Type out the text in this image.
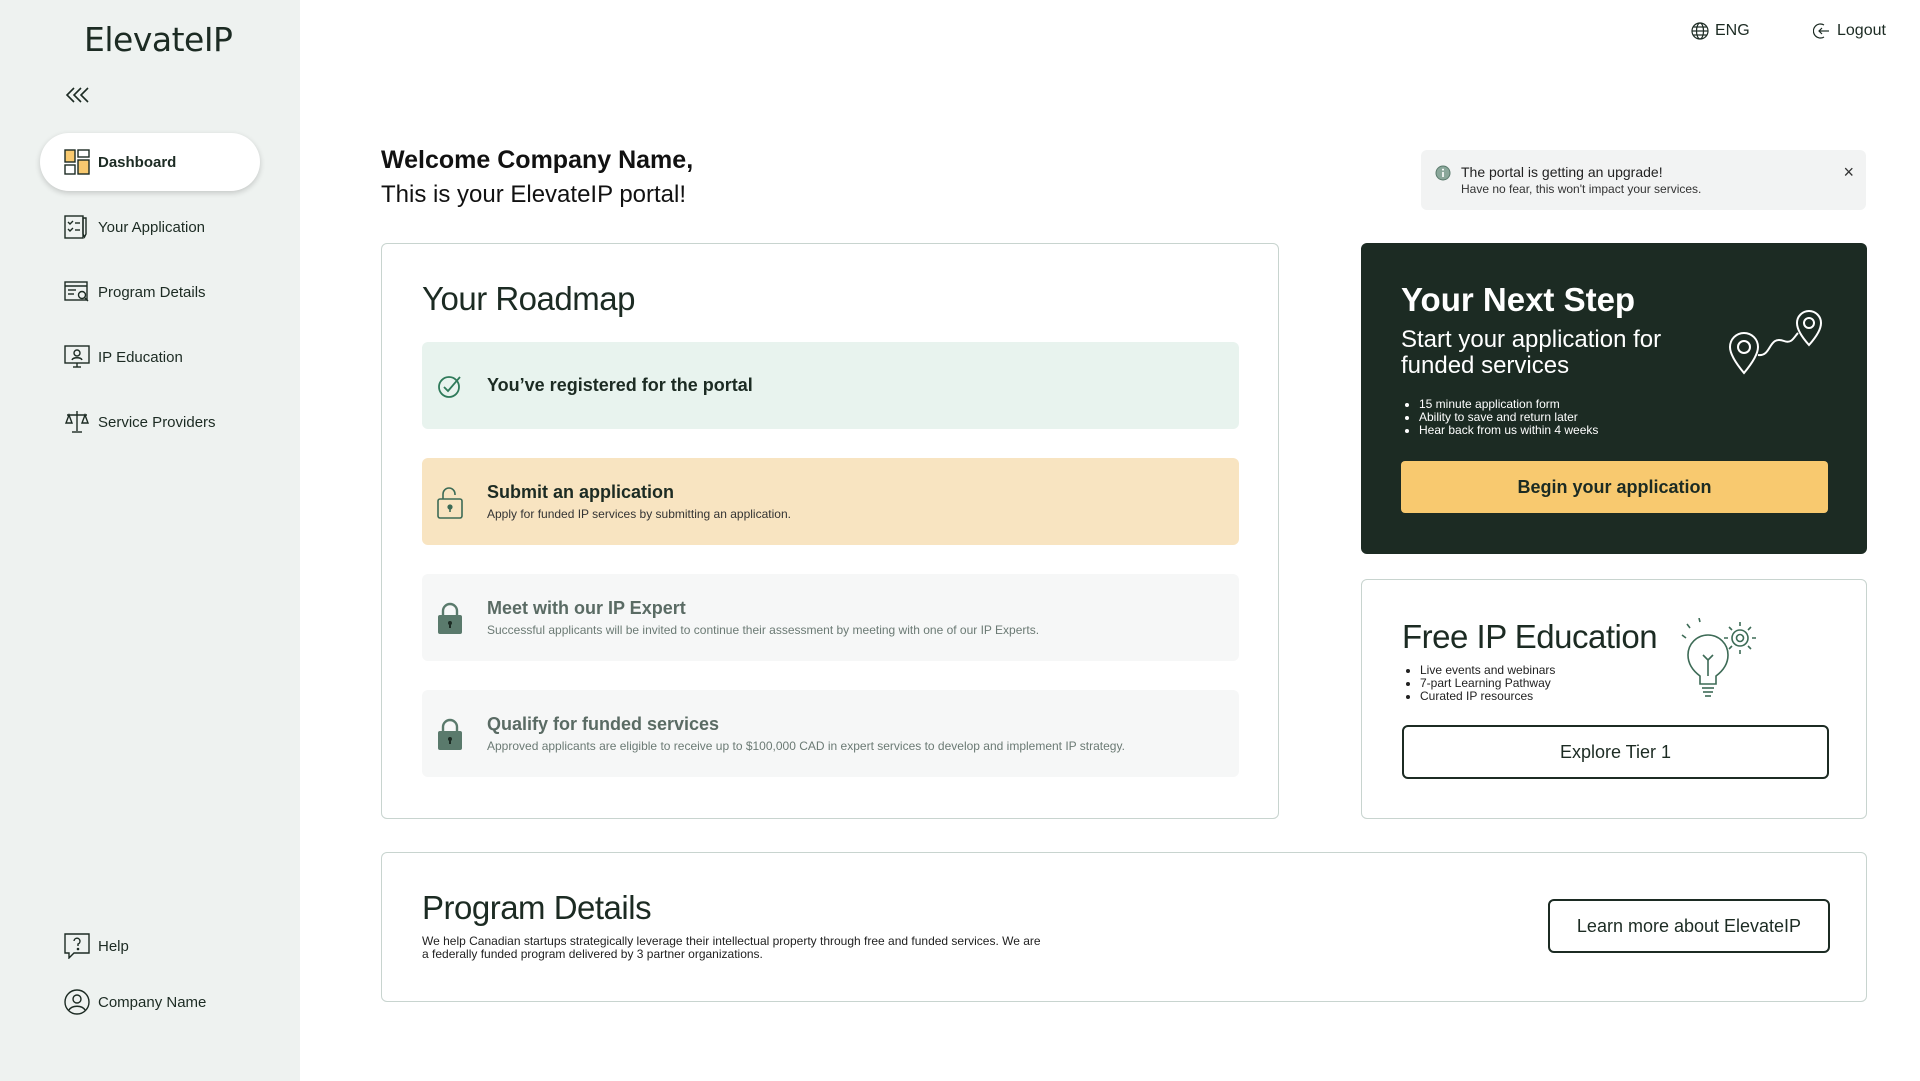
ElevateIP
Dashboard
Your Application
Program Details
IP Education
Service Providers
Help
Company Name
ENG	Logout
Welcome Company Name,
This is your ElevateIP portal!
The portal is getting an upgrade!
Have no fear, this won't impact your services.
×
Your Roadmap
You’ve registered for the portal
Submit an application
Apply for funded IP services by submitting an application.
Meet with our IP Expert
Successful applicants will be invited to continue their assessment by meeting with one of our IP Experts.
Qualify for funded services
Approved applicants are eligible to receive up to $100,000 CAD in expert services to develop and implement IP strategy.
Your Next Step
Start your application for funded services
• 15 minute application form
• Ability to save and return later
• Hear back from us within 4 weeks
Begin your application
Free IP Education
• Live events and webinars
• 7-part Learning Pathway
• Curated IP resources
Explore Tier 1
Program Details

We help Canadian startups strategically leverage their intellectual property through free and funded services. We are a federally funded program delivered by 3 partner organizations.

Learn more about ElevateIP
